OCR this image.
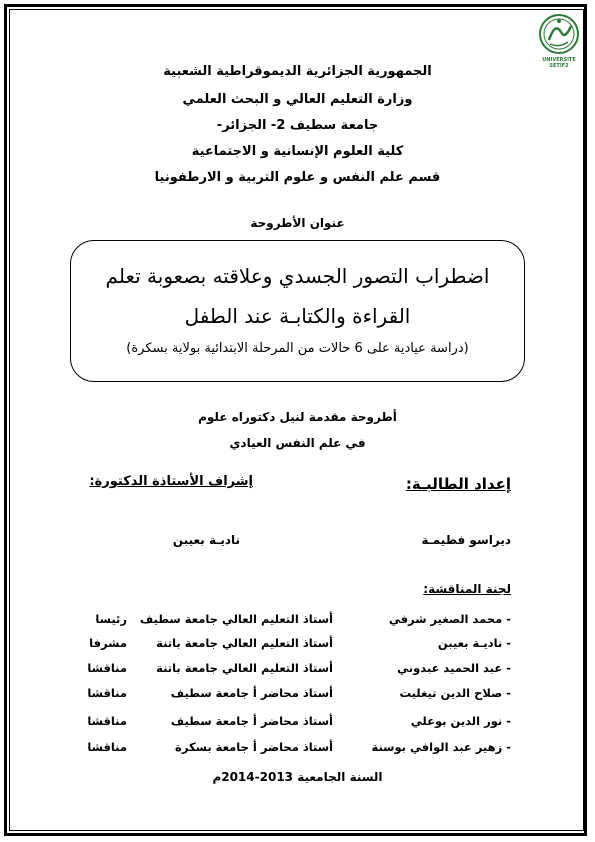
UNIVERSITE SETIF2
الجمهورية الجزائرية الديموقراطية الشعبية
وزارة التعليم العالي و البحث العلمي
جامعة سطيف 2- الجزائر-
كلية العلوم الإنسانية و الاجتماعية
قسم علم النفس و علوم التربية و الارطفونيا
عنوان الأطروحة
اضطراب التصور الجسدي وعلاقته بصعوبة تعلم
القراءة والكتابـة عند الطفل
(دراسة عيادية على 6 حالات من المرحلة الابتدائية بولاية بسكرة)
أطروحة مقدمة لنيل دكتوراه علوم
في علم النفس العيادي
إعداد الطالبـة:
إشراف الأستاذة الدكتورة:
ديراسو فطيمـة
ناديـة بعيبن
لجنة المناقشة:
- محمد الصغير شرفي
أستاذ التعليم العالي جامعة سطيف
رئيسا
- ناديـة بعيبن
أستاذ التعليم العالي جامعة باتنة
مشرفا
- عبد الحميد عبدوني
أستاذ التعليم العالي جامعة باتنة
مناقشا
- صلاح الدين تيغليت
أستاذ محاضر أ جامعة سطيف
مناقشا
- نور الدين بوعلي
أستاذ محاضر أ جامعة سطيف
مناقشا
- زهير عبد الوافي بوسنة
أستاذ محاضر أ جامعة بسكرة
مناقشا
السنة الجامعية 2013-2014م
